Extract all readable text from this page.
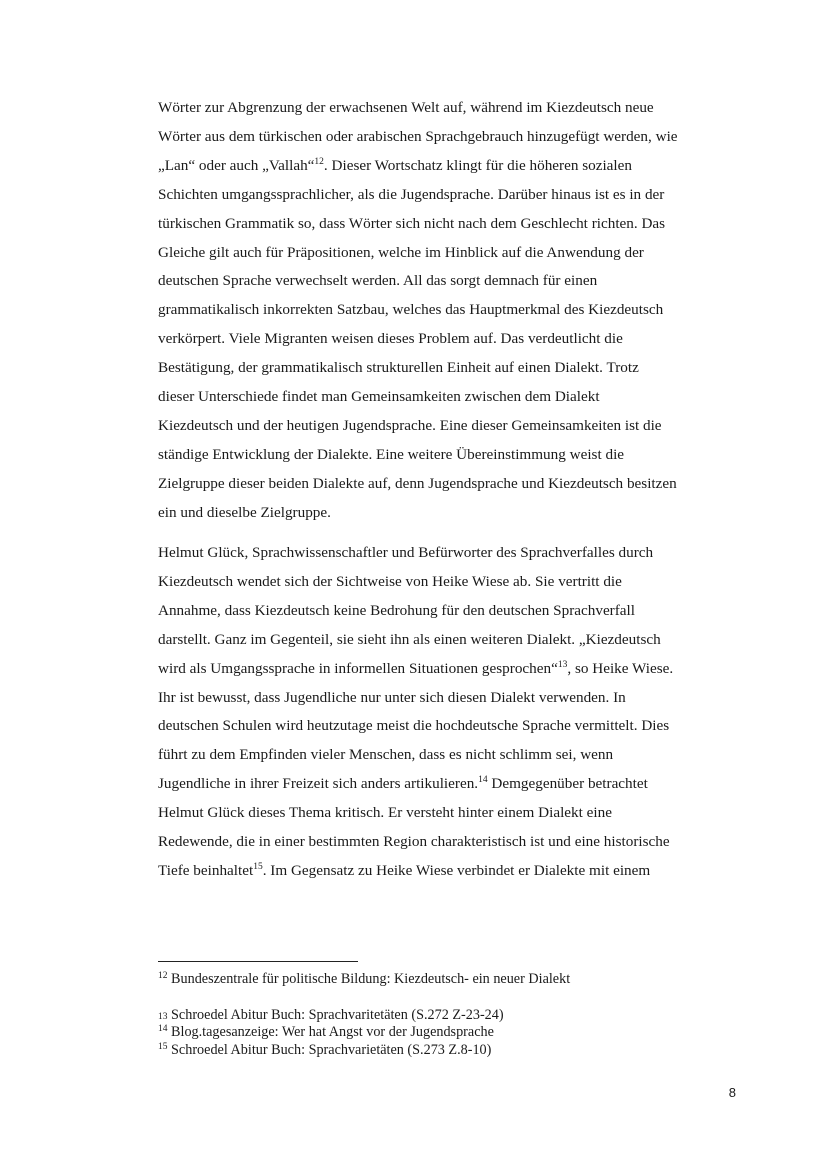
Wörter zur Abgrenzung der erwachsenen Welt auf, während im Kiezdeutsch neue
Wörter aus dem türkischen oder arabischen Sprachgebrauch hinzugefügt werden, wie
„Lan“ oder auch „Vallah“$^{12}$. Dieser Wortschatz klingt für die höheren sozialen
Schichten umgangssprachlicher, als die Jugendsprache. Darüber hinaus ist es in der
türkischen Grammatik so, dass Wörter sich nicht nach dem Geschlecht richten. Das
Gleiche gilt auch für Präpositionen, welche im Hinblick auf die Anwendung der
deutschen Sprache verwechselt werden. All das sorgt demnach für einen
grammatikalisch inkorrekten Satzbau, welches das Hauptmerkmal des Kiezdeutsch
verkörpert. Viele Migranten weisen dieses Problem auf. Das verdeutlicht die
Bestätigung, der grammatikalisch strukturellen Einheit auf einen Dialekt. Trotz
dieser Unterschiede findet man Gemeinsamkeiten zwischen dem Dialekt
Kiezdeutsch und der heutigen Jugendsprache. Eine dieser Gemeinsamkeiten ist die
ständige Entwicklung der Dialekte. Eine weitere Übereinstimmung weist die
Zielgruppe dieser beiden Dialekte auf, denn Jugendsprache und Kiezdeutsch besitzen
ein und dieselbe Zielgruppe.
Helmut Glück, Sprachwissenschaftler und Befürworter des Sprachverfalles durch
Kiezdeutsch wendet sich der Sichtweise von Heike Wiese ab. Sie vertritt die
Annahme, dass Kiezdeutsch keine Bedrohung für den deutschen Sprachverfall
darstellt. Ganz im Gegenteil, sie sieht ihn als einen weiteren Dialekt. „Kiezdeutsch
wird als Umgangssprache in informellen Situationen gesprochen“$^{13}$, so Heike Wiese.
Ihr ist bewusst, dass Jugendliche nur unter sich diesen Dialekt verwenden. In
deutschen Schulen wird heutzutage meist die hochdeutsche Sprache vermittelt. Dies
führt zu dem Empfinden vieler Menschen, dass es nicht schlimm sei, wenn
Jugendliche in ihrer Freizeit sich anders artikulieren.$^{14}$ Demgegenüber betrachtet
Helmut Glück dieses Thema kritisch. Er versteht hinter einem Dialekt eine
Redewende, die in einer bestimmten Region charakteristisch ist und eine historische
Tiefe beinhaltet$^{15}$. Im Gegensatz zu Heike Wiese verbindet er Dialekte mit einem
$^{12}$ Bundeszentrale für politische Bildung: Kiezdeutsch- ein neuer Dialekt
13 Schroedel Abitur Buch: Sprachvaritetäten (S.272 Z-23-24)
$^{14}$ Blog.tagesanzeige: Wer hat Angst vor der Jugendsprache
$^{15}$ Schroedel Abitur Buch: Sprachvarietäten (S.273 Z.8-10)
8
